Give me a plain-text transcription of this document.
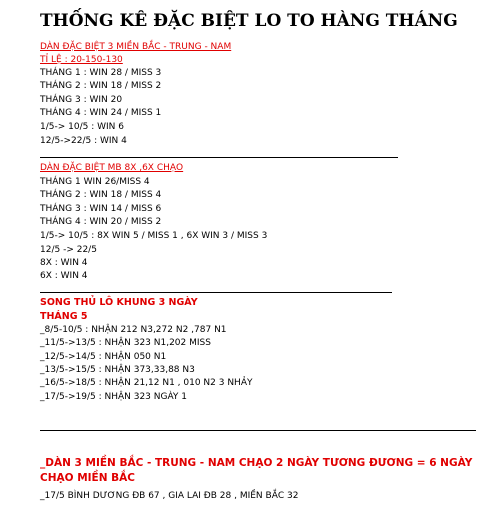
THỐNG KÊ ĐẶC BIỆT LO TO HÀNG THÁNG
DÀN ĐẶC BIỆT 3 MIỀN BẮC - TRUNG - NAM
TỈ LỆ : 20-150-130
THÁNG 1 : WIN 28 / MISS 3
THÁNG 2 : WIN 18 / MISS 2
THÁNG 3 : WIN 20
THÁNG 4 : WIN 24 / MISS 1
1/5-> 10/5 : WIN 6
12/5->22/5 : WIN 4
DÀN ĐẶC BIỆT MB 8X ,6X CHẠO
THÁNG 1 WIN 26/MISS 4
THÁNG 2 : WIN 18 / MISS 4
THÁNG 3 : WIN 14 / MISS 6
THÁNG 4 : WIN 20 / MISS 2
1/5-> 10/5 : 8X WIN 5 / MISS 1 , 6X WIN 3 / MISS 3
12/5 -> 22/5
8X : WIN 4
6X : WIN 4
SONG THỦ LÔ KHUNG 3 NGÀY
THÁNG 5
_8/5-10/5 : NHẬN 212 N3,272 N2 ,787 N1
_11/5->13/5 : NHẬN 323 N1,202 MISS
_12/5->14/5 : NHẬN 050 N1
_13/5->15/5 : NHẬN 373,33,88 N3
_16/5->18/5 : NHẬN 21,12 N1 , 010 N2 3 NHẢY
_17/5->19/5 : NHẬN 323 NGÀY 1
_DÀN 3 MIỀN BẮC - TRUNG - NAM CHẠO 2 NGÀY TƯƠNG ĐƯƠNG = 6 NGÀY
CHẠO MIỀN BẮC
_17/5 BÌNH DƯƠNG ĐB 67 , GIA LAI ĐB 28 , MIỀN BẮC 32
